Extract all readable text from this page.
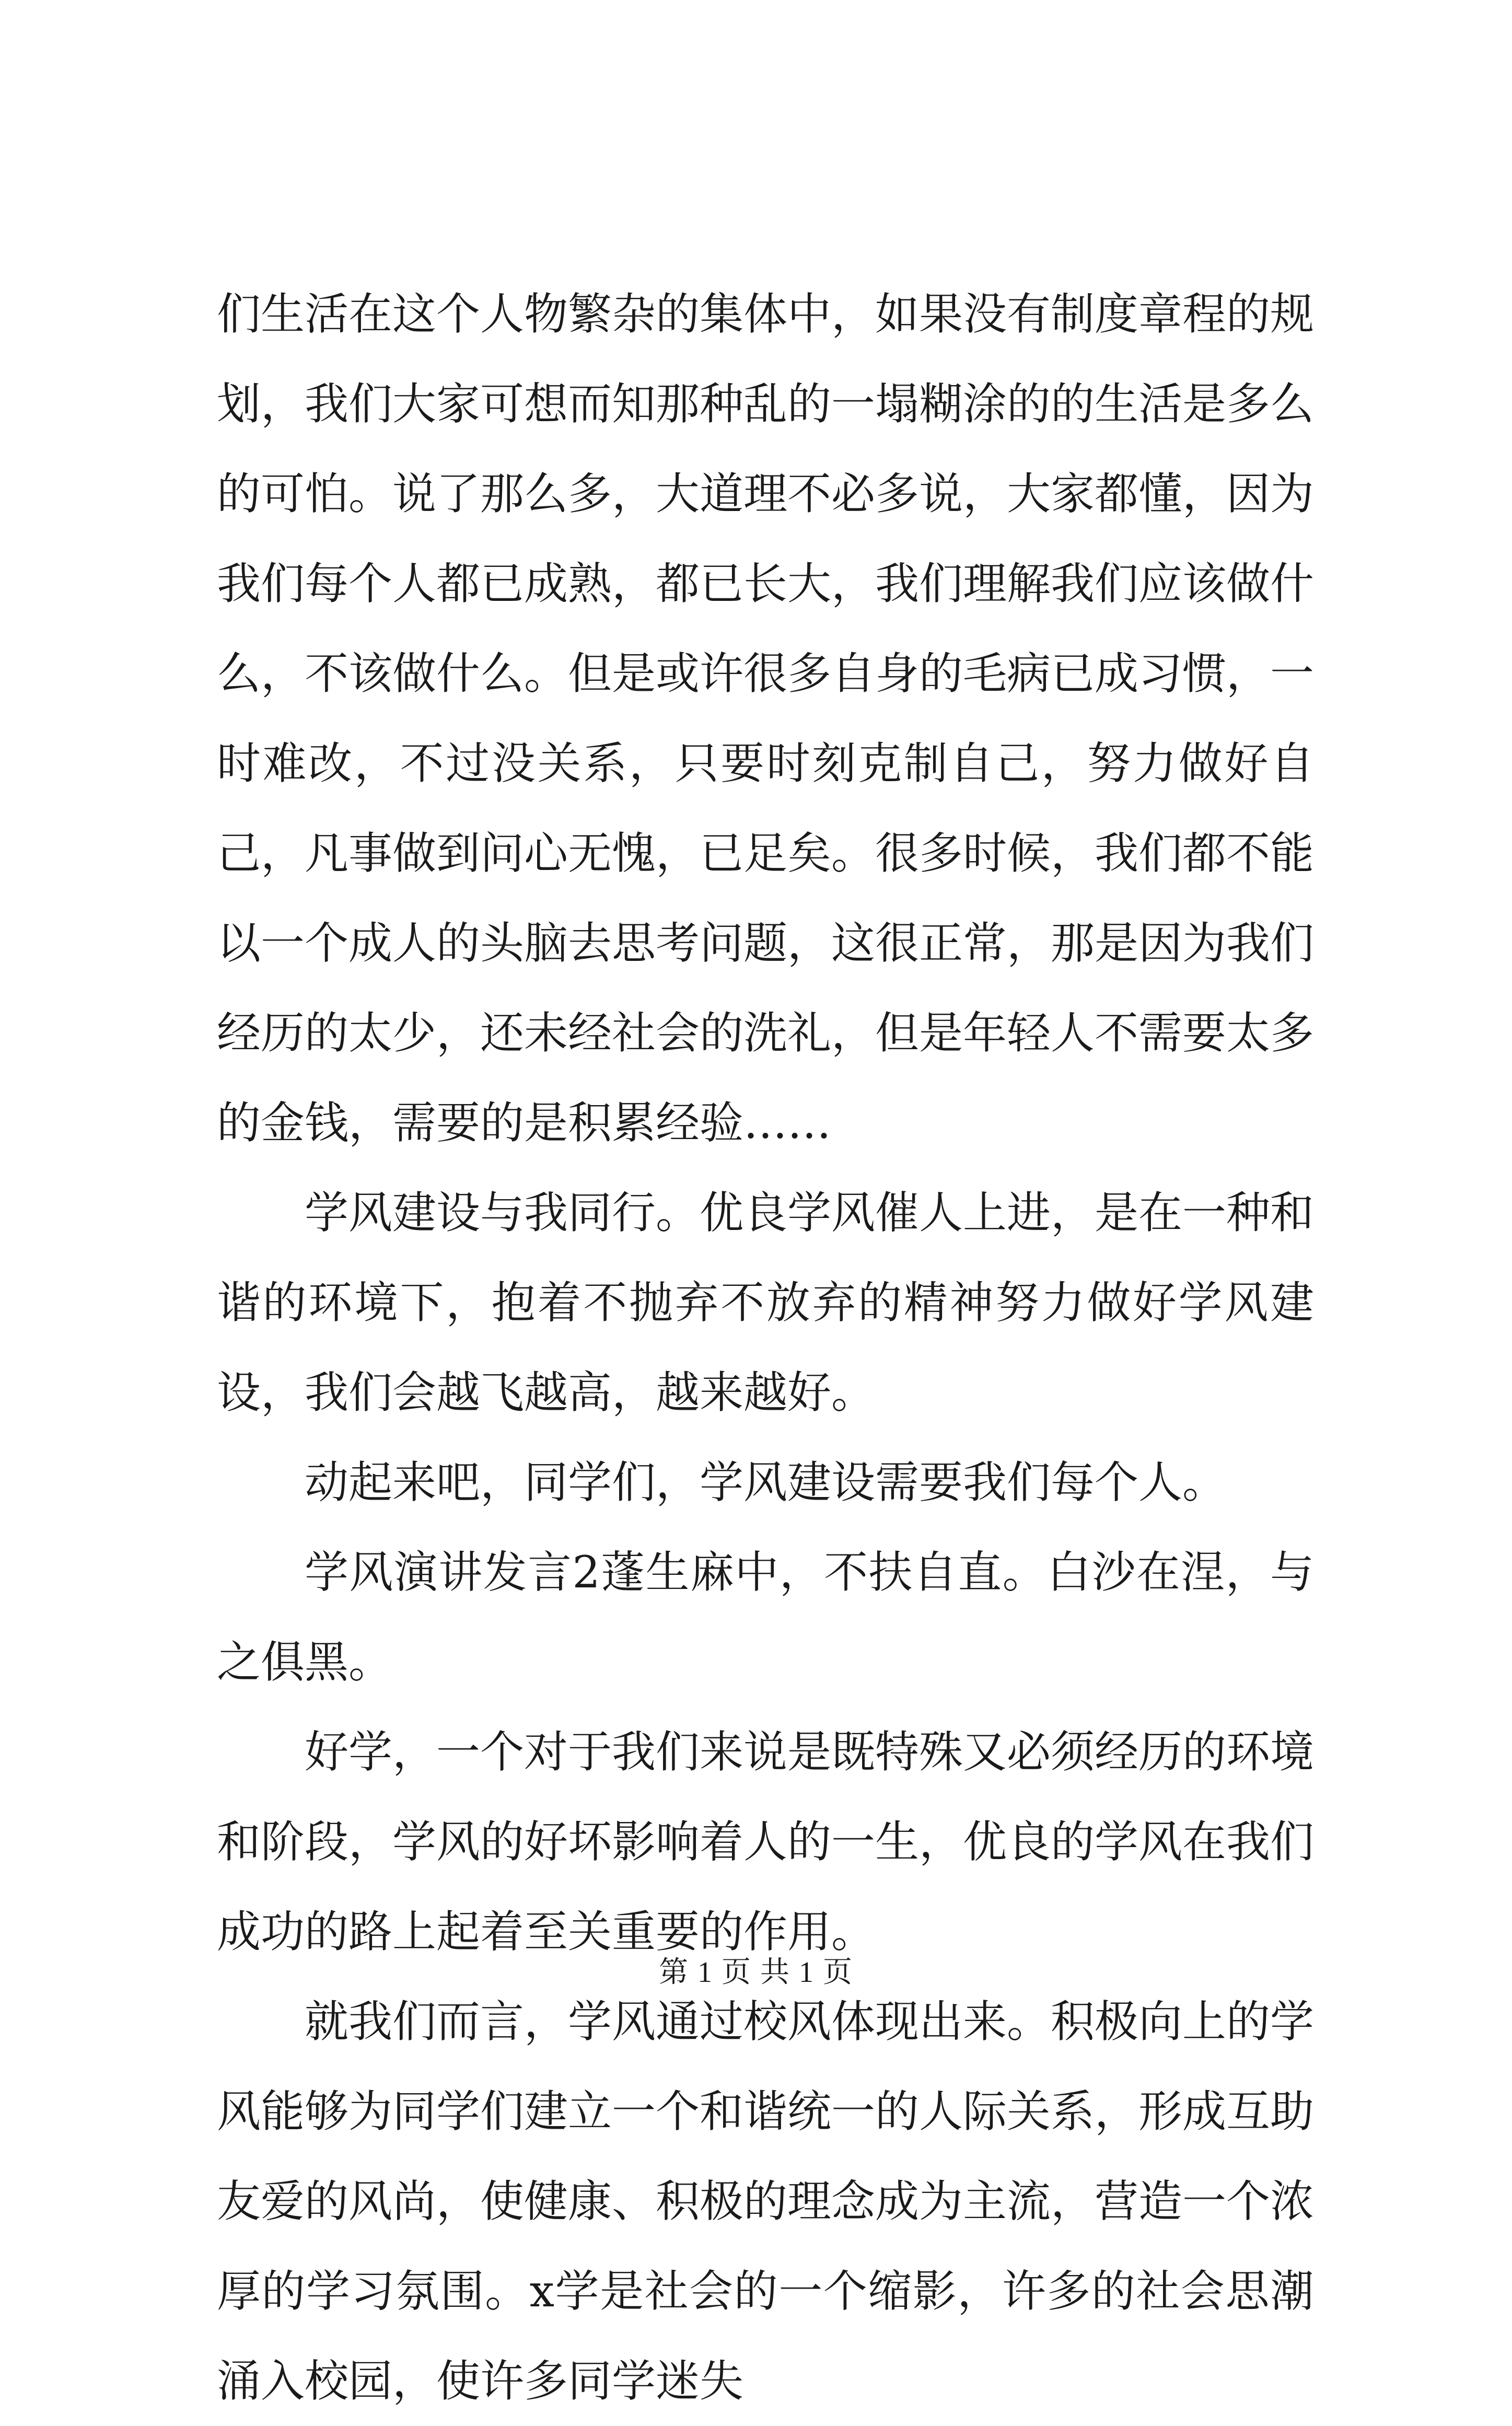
们生活在这个人物繁杂的集体中，如果没有制度章程的规划，我们大家可想而知那种乱的一塌糊涂的的生活是多么的可怕。说了那么多，大道理不必多说，大家都懂，因为我们每个人都已成熟，都已长大，我们理解我们应该做什么，不该做什么。但是或许很多自身的毛病已成习惯，一时难改，不过没关系，只要时刻克制自己，努力做好自己，凡事做到问心无愧，已足矣。很多时候，我们都不能以一个成人的头脑去思考问题，这很正常，那是因为我们经历的太少，还未经社会的洗礼，但是年轻人不需要太多的金钱，需要的是积累经验……

学风建设与我同行。优良学风催人上进，是在一种和谐的环境下，抱着不抛弃不放弃的精神努力做好学风建设，我们会越飞越高，越来越好。

动起来吧，同学们，学风建设需要我们每个人。

学风演讲发言2蓬生麻中，不扶自直。白沙在涅，与之俱黑。

好学，一个对于我们来说是既特殊又必须经历的环境和阶段，学风的好坏影响着人的一生，优良的学风在我们成功的路上起着至关重要的作用。

就我们而言，学风通过校风体现出来。积极向上的学风能够为同学们建立一个和谐统一的人际关系，形成互助友爱的风尚，使健康、积极的理念成为主流，营造一个浓厚的学习氛围。x学是社会的一个缩影，许多的社会思潮涌入校园，使许多同学迷失

第 1 页 共 1 页
